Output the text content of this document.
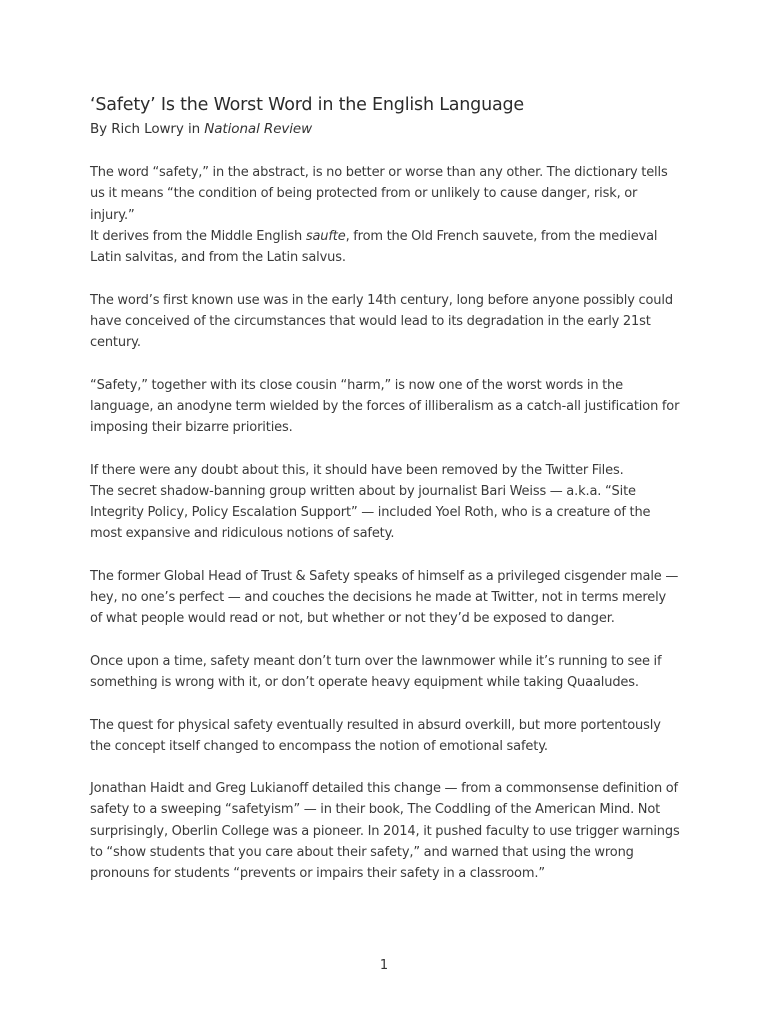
‘Safety’ Is the Worst Word in the English Language
By Rich Lowry in National Review

The word “safety,” in the abstract, is no better or worse than any other. The dictionary tells us it means “the condition of being protected from or unlikely to cause danger, risk, or injury.”
It derives from the Middle English saufte, from the Old French sauvete, from the medieval Latin salvitas, and from the Latin salvus.

The word’s first known use was in the early 14th century, long before anyone possibly could have conceived of the circumstances that would lead to its degradation in the early 21st century.

“Safety,” together with its close cousin “harm,” is now one of the worst words in the language, an anodyne term wielded by the forces of illiberalism as a catch-all justification for imposing their bizarre priorities.

If there were any doubt about this, it should have been removed by the Twitter Files.
The secret shadow-banning group written about by journalist Bari Weiss — a.k.a. “Site Integrity Policy, Policy Escalation Support” — included Yoel Roth, who is a creature of the most expansive and ridiculous notions of safety.

The former Global Head of Trust & Safety speaks of himself as a privileged cisgender male — hey, no one’s perfect — and couches the decisions he made at Twitter, not in terms merely of what people would read or not, but whether or not they’d be exposed to danger.

Once upon a time, safety meant don’t turn over the lawnmower while it’s running to see if something is wrong with it, or don’t operate heavy equipment while taking Quaaludes.

The quest for physical safety eventually resulted in absurd overkill, but more portentously the concept itself changed to encompass the notion of emotional safety.

Jonathan Haidt and Greg Lukianoff detailed this change — from a commonsense definition of safety to a sweeping “safetyism” — in their book, The Coddling of the American Mind. Not surprisingly, Oberlin College was a pioneer. In 2014, it pushed faculty to use trigger warnings to “show students that you care about their safety,” and warned that using the wrong pronouns for students “prevents or impairs their safety in a classroom.”

1
